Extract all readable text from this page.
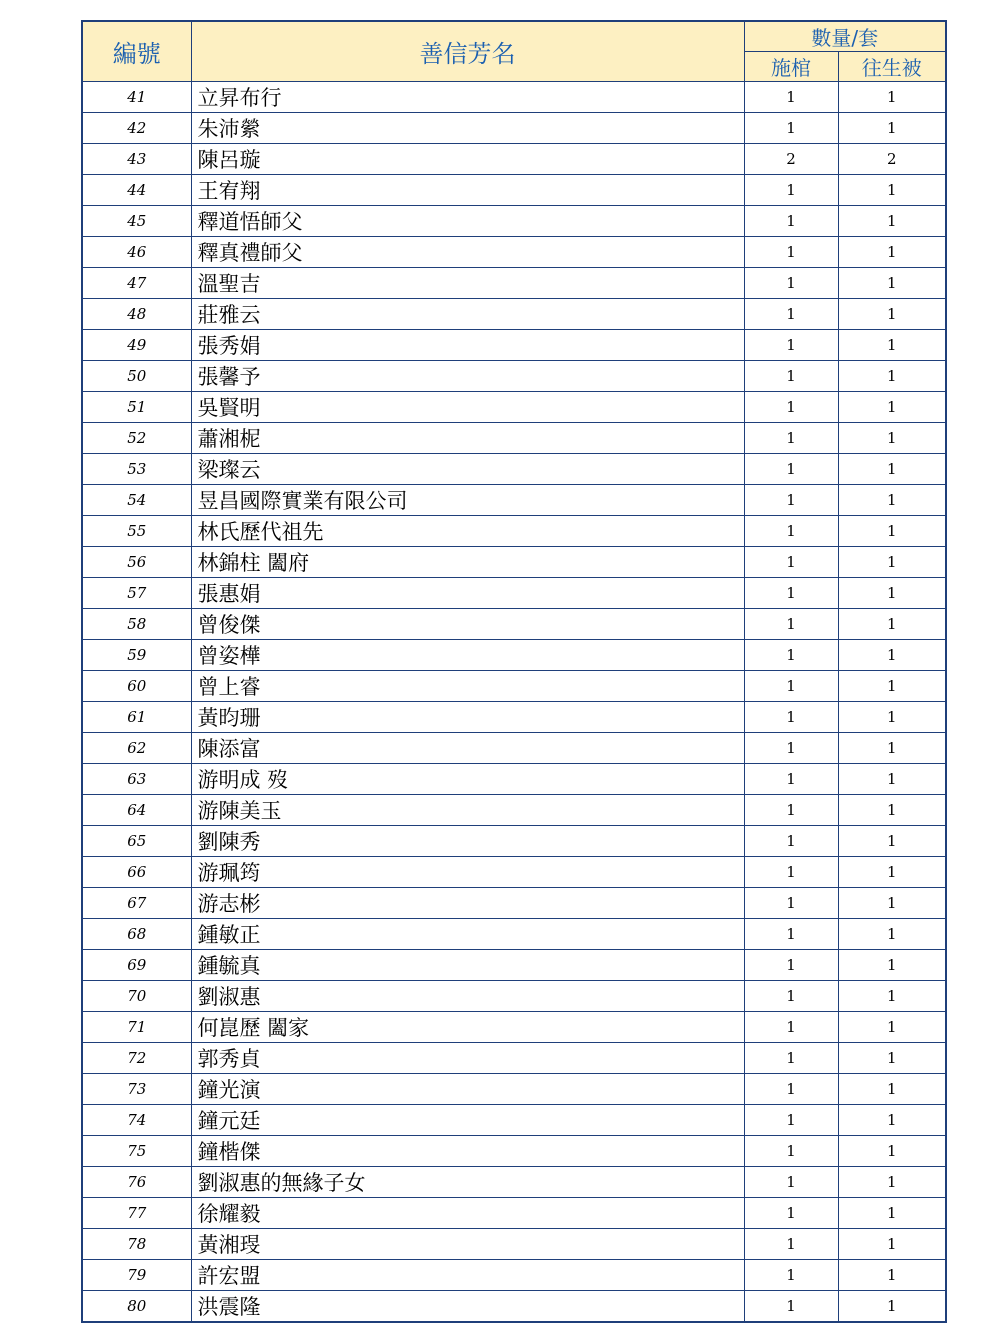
編號	善信芳名	數量/套	
		施棺	往生被
41	立昇布行	1	1
42	朱沛縈	1	1
43	陳呂璇	2	2
44	王宥翔	1	1
45	釋道悟師父	1	1
46	釋真禮師父	1	1
47	溫聖吉	1	1
48	莊雅云	1	1
49	張秀娟	1	1
50	張馨予	1	1
51	吳賢明	1	1
52	蕭湘柅	1	1
53	梁璨云	1	1
54	昱昌國際實業有限公司	1	1
55	林氏歷代祖先	1	1
56	林錦柱 闔府	1	1
57	張惠娟	1	1
58	曾俊傑	1	1
59	曾姿樺	1	1
60	曾上睿	1	1
61	黃昀珊	1	1
62	陳添富	1	1
63	游明成 歿	1	1
64	游陳美玉	1	1
65	劉陳秀	1	1
66	游珮筠	1	1
67	游志彬	1	1
68	鍾敏正	1	1
69	鍾毓真	1	1
70	劉淑惠	1	1
71	何崑歷 闔家	1	1
72	郭秀貞	1	1
73	鐘光演	1	1
74	鐘元廷	1	1
75	鐘楷傑	1	1
76	劉淑惠的無緣子女	1	1
77	徐耀毅	1	1
78	黃湘琝	1	1
79	許宏盟	1	1
80	洪震隆	1	1
